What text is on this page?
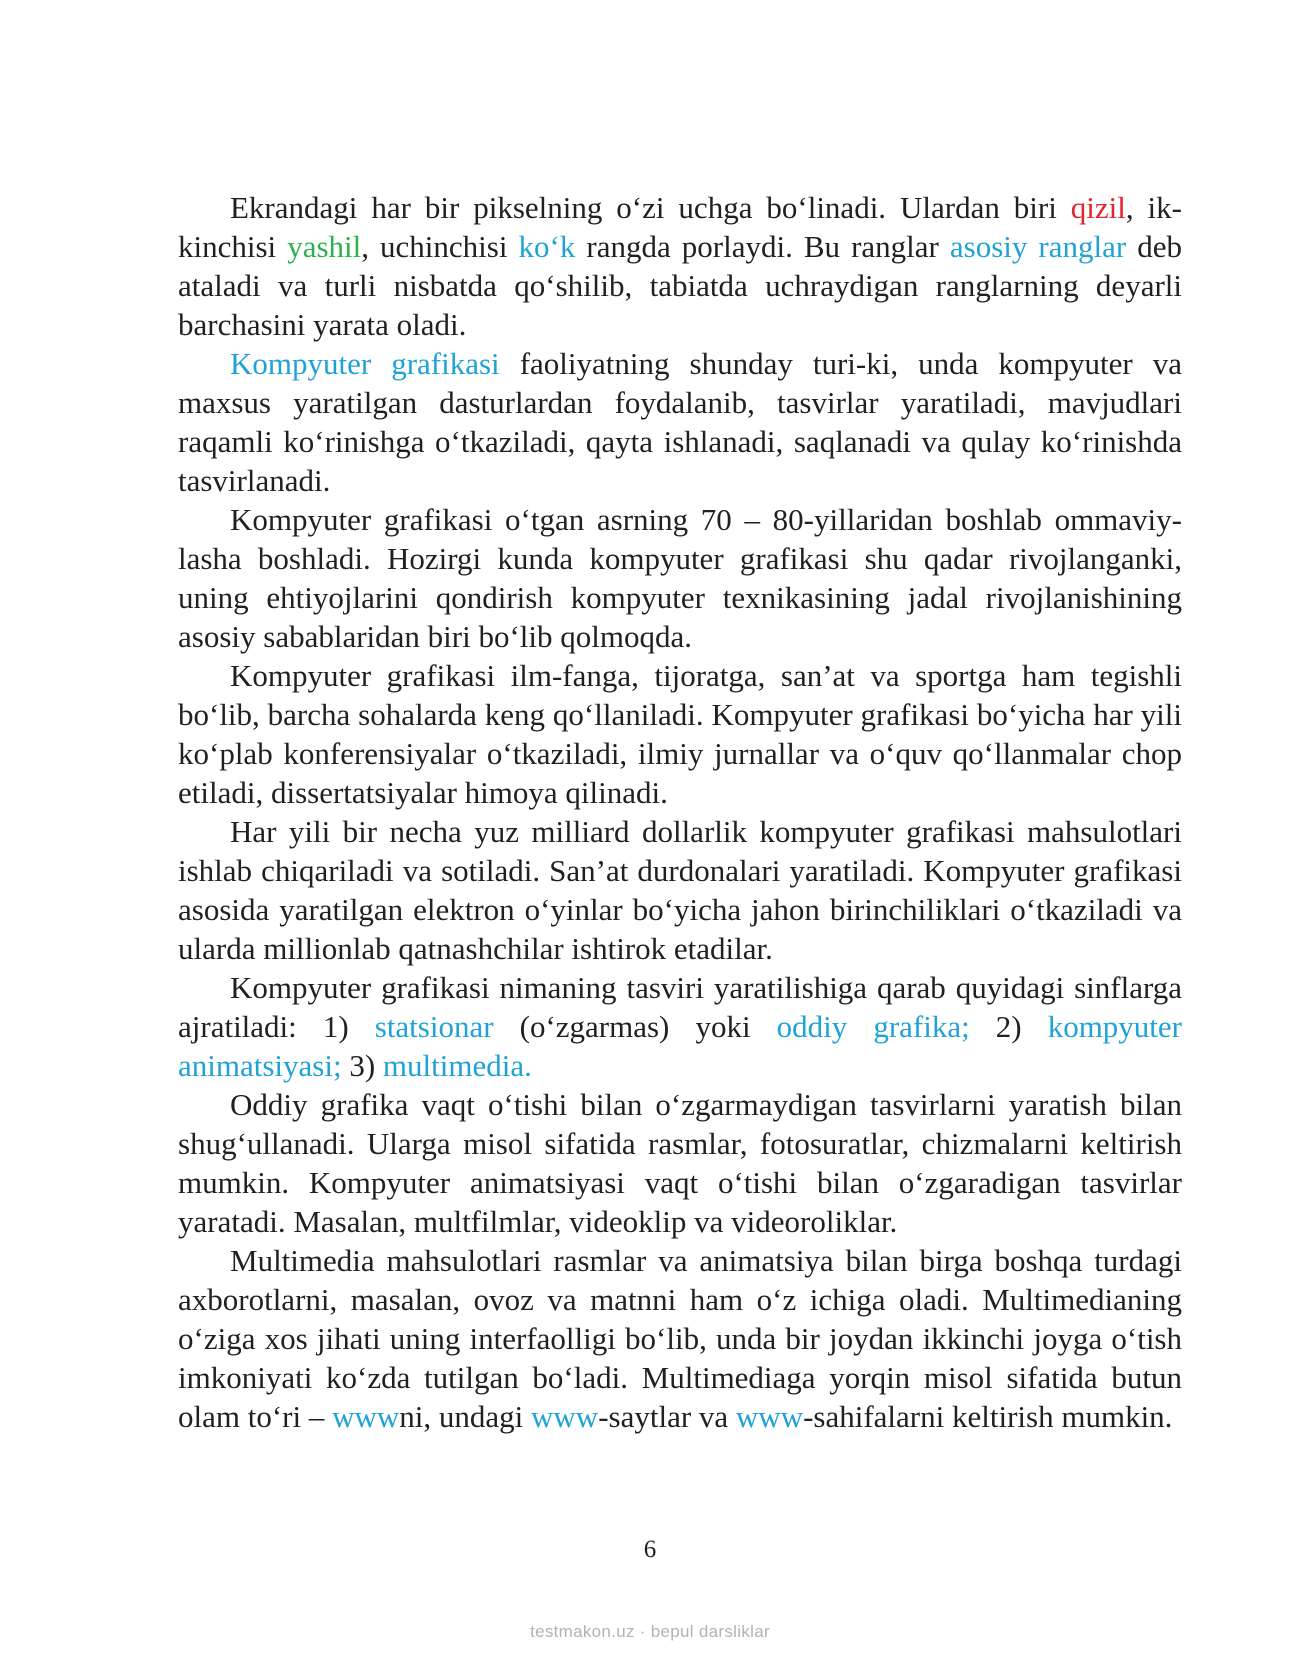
Ekrandagi har bir pikselning o‘zi uchga bo‘linadi. Ulardan biri qizil, ikkinchisi yashil, uchinchisi ko‘k rangda porlaydi. Bu ranglar asosiy ranglar deb ataladi va turli nisbatda qo‘shilib, tabiatda uchraydigan ranglarning deyarli barchasini yarata oladi.

Kompyuter grafikasi faoliyatning shunday turi-ki, unda kompyuter va maxsus yaratilgan dasturlardan foydalanib, tasvirlar yaratiladi, mavjudlari raqamli ko‘rinishga o‘tkaziladi, qayta ishlanadi, saqlanadi va qulay ko‘rinishda tasvirlanadi.

Kompyuter grafikasi o‘tgan asrning 70 – 80-yillaridan boshlab ommaviylasha boshladi. Hozirgi kunda kompyuter grafikasi shu qadar rivojlanganki, uning ehtiyojlarini qondirish kompyuter texnikasining jadal rivojlanishining asosiy sabablaridan biri bo‘lib qolmoqda.

Kompyuter grafikasi ilm-fanga, tijoratga, san’at va sportga ham tegishli bo‘lib, barcha sohalarda keng qo‘llaniladi. Kompyuter grafikasi bo‘yicha har yili ko‘plab konferensiyalar o‘tkaziladi, ilmiy jurnallar va o‘quv qo‘llanmalar chop etiladi, dissertatsiyalar himoya qilinadi.

Har yili bir necha yuz milliard dollarlik kompyuter grafikasi mahsulotlari ishlab chiqariladi va sotiladi. San’at durdonalari yaratiladi. Kompyuter grafikasi asosida yaratilgan elektron o‘yinlar bo‘yicha jahon birinchiliklari o‘tkaziladi va ularda millionlab qatnashchilar ishtirok etadilar.

Kompyuter grafikasi nimaning tasviri yaratilishiga qarab quyidagi sinflarga ajratiladi: 1) statsionar (o‘zgarmas) yoki oddiy grafika; 2) kompyuter animatsiyasi; 3) multimedia.

Oddiy grafika vaqt o‘tishi bilan o‘zgarmaydigan tasvirlarni yaratish bilan shug‘ullanadi. Ularga misol sifatida rasmlar, fotosuratlar, chizmalarni keltirish mumkin. Kompyuter animatsiyasi vaqt o‘tishi bilan o‘zgaradigan tasvirlar yaratadi. Masalan, multfilmlar, videoklip va videoroliklar.

Multimedia mahsulotlari rasmlar va animatsiya bilan birga boshqa turdagi axborotlarni, masalan, ovoz va matnni ham o‘z ichiga oladi. Multimedianing o‘ziga xos jihati uning interfaolligi bo‘lib, unda bir joydan ikkinchi joyga o‘tish imkoniyati ko‘zda tutilgan bo‘ladi. Multimediaga yorqin misol sifatida butun olam to‘ri – wwwni, undagi www-saytlar va www-sahifalarni keltirish mumkin.

6
testmakon.uz · bepul darsliklar
